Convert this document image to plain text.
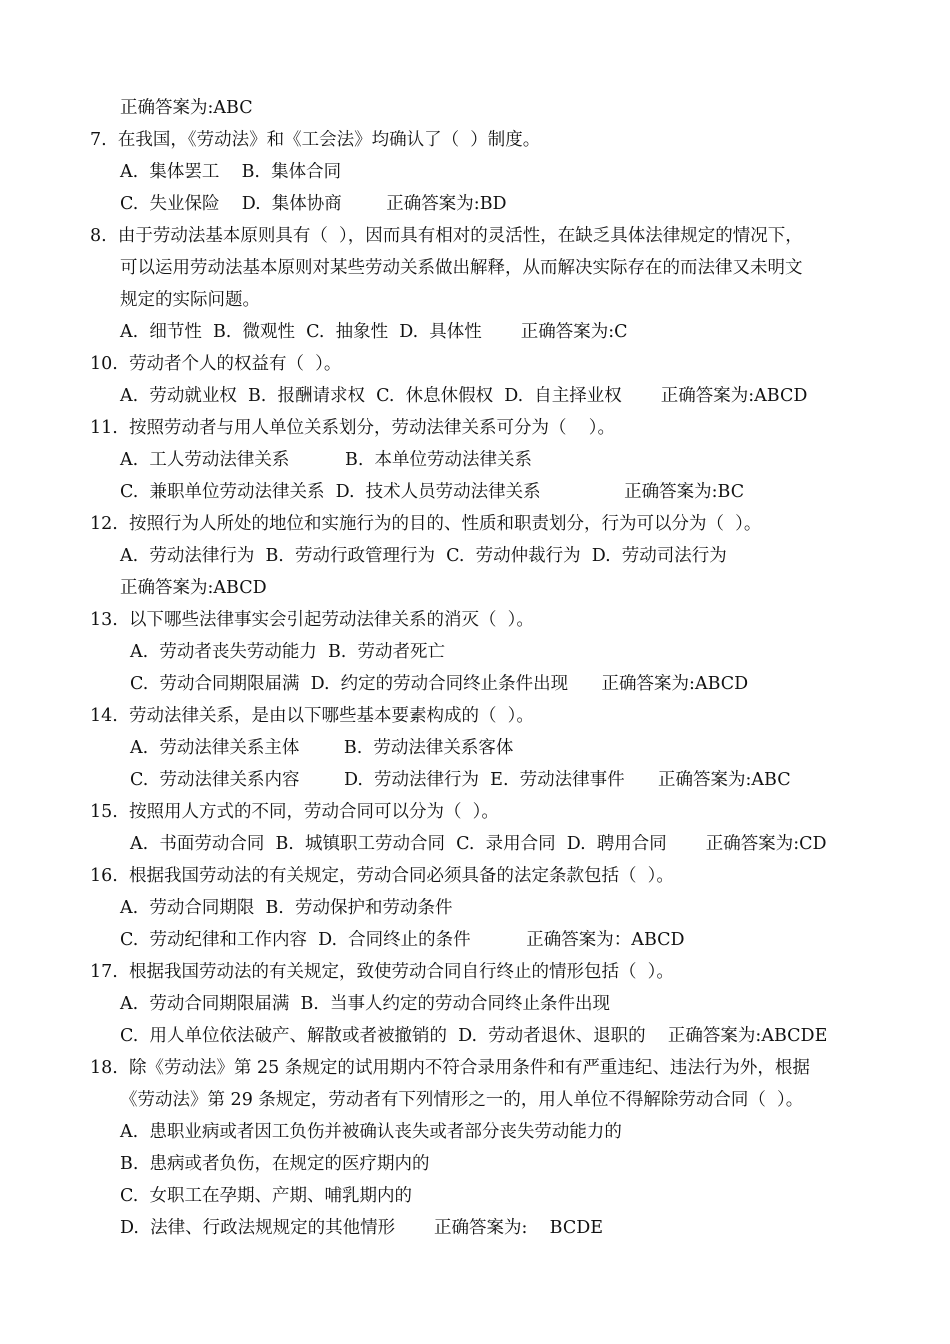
正确答案为:ABC
7.  在我国，《劳动法》和《工会法》均确认了（  ）制度。
A.  集体罢工    B.  集体合同
C.  失业保险    D.  集体协商        正确答案为:BD
8.  由于劳动法基本原则具有（  ），因而具有相对的灵活性，在缺乏具体法律规定的情况下，
可以运用劳动法基本原则对某些劳动关系做出解释，从而解决实际存在的而法律又未明文
规定的实际问题。
A.  细节性  B.  微观性  C.  抽象性  D.  具体性       正确答案为:C
10.  劳动者个人的权益有（  ）。
A.  劳动就业权  B.  报酬请求权  C.  休息休假权  D.  自主择业权       正确答案为:ABCD
11.  按照劳动者与用人单位关系划分，劳动法律关系可分为（    ）。
A.  工人劳动法律关系          B.  本单位劳动法律关系
C.  兼职单位劳动法律关系  D.  技术人员劳动法律关系               正确答案为:BC
12.  按照行为人所处的地位和实施行为的目的、性质和职责划分，行为可以分为（  ）。
A.  劳动法律行为  B.  劳动行政管理行为  C.  劳动仲裁行为  D.  劳动司法行为
正确答案为:ABCD
13.  以下哪些法律事实会引起劳动法律关系的消灭（  ）。
A.  劳动者丧失劳动能力  B.  劳动者死亡
C.  劳动合同期限届满  D.  约定的劳动合同终止条件出现      正确答案为:ABCD
14.  劳动法律关系，是由以下哪些基本要素构成的（  ）。
A.  劳动法律关系主体        B.  劳动法律关系客体
C.  劳动法律关系内容        D.  劳动法律行为  E.  劳动法律事件      正确答案为:ABC
15.  按照用人方式的不同，劳动合同可以分为（  ）。
A.  书面劳动合同  B.  城镇职工劳动合同  C.  录用合同  D.  聘用合同       正确答案为:CD
16.  根据我国劳动法的有关规定，劳动合同必须具备的法定条款包括（  ）。
A.  劳动合同期限  B.  劳动保护和劳动条件
C.  劳动纪律和工作内容  D.  合同终止的条件          正确答案为：ABCD
17.  根据我国劳动法的有关规定，致使劳动合同自行终止的情形包括（  ）。
A.  劳动合同期限届满  B.  当事人约定的劳动合同终止条件出现
C.  用人单位依法破产、解散或者被撤销的  D.  劳动者退休、退职的    正确答案为:ABCDE
18.  除《劳动法》第 25 条规定的试用期内不符合录用条件和有严重违纪、违法行为外，根据
《劳动法》第 29 条规定，劳动者有下列情形之一的，用人单位不得解除劳动合同（  ）。
A.  患职业病或者因工负伤并被确认丧失或者部分丧失劳动能力的
B.  患病或者负伤，在规定的医疗期内的
C.  女职工在孕期、产期、哺乳期内的
D.  法律、行政法规规定的其他情形       正确答案为:    BCDE
